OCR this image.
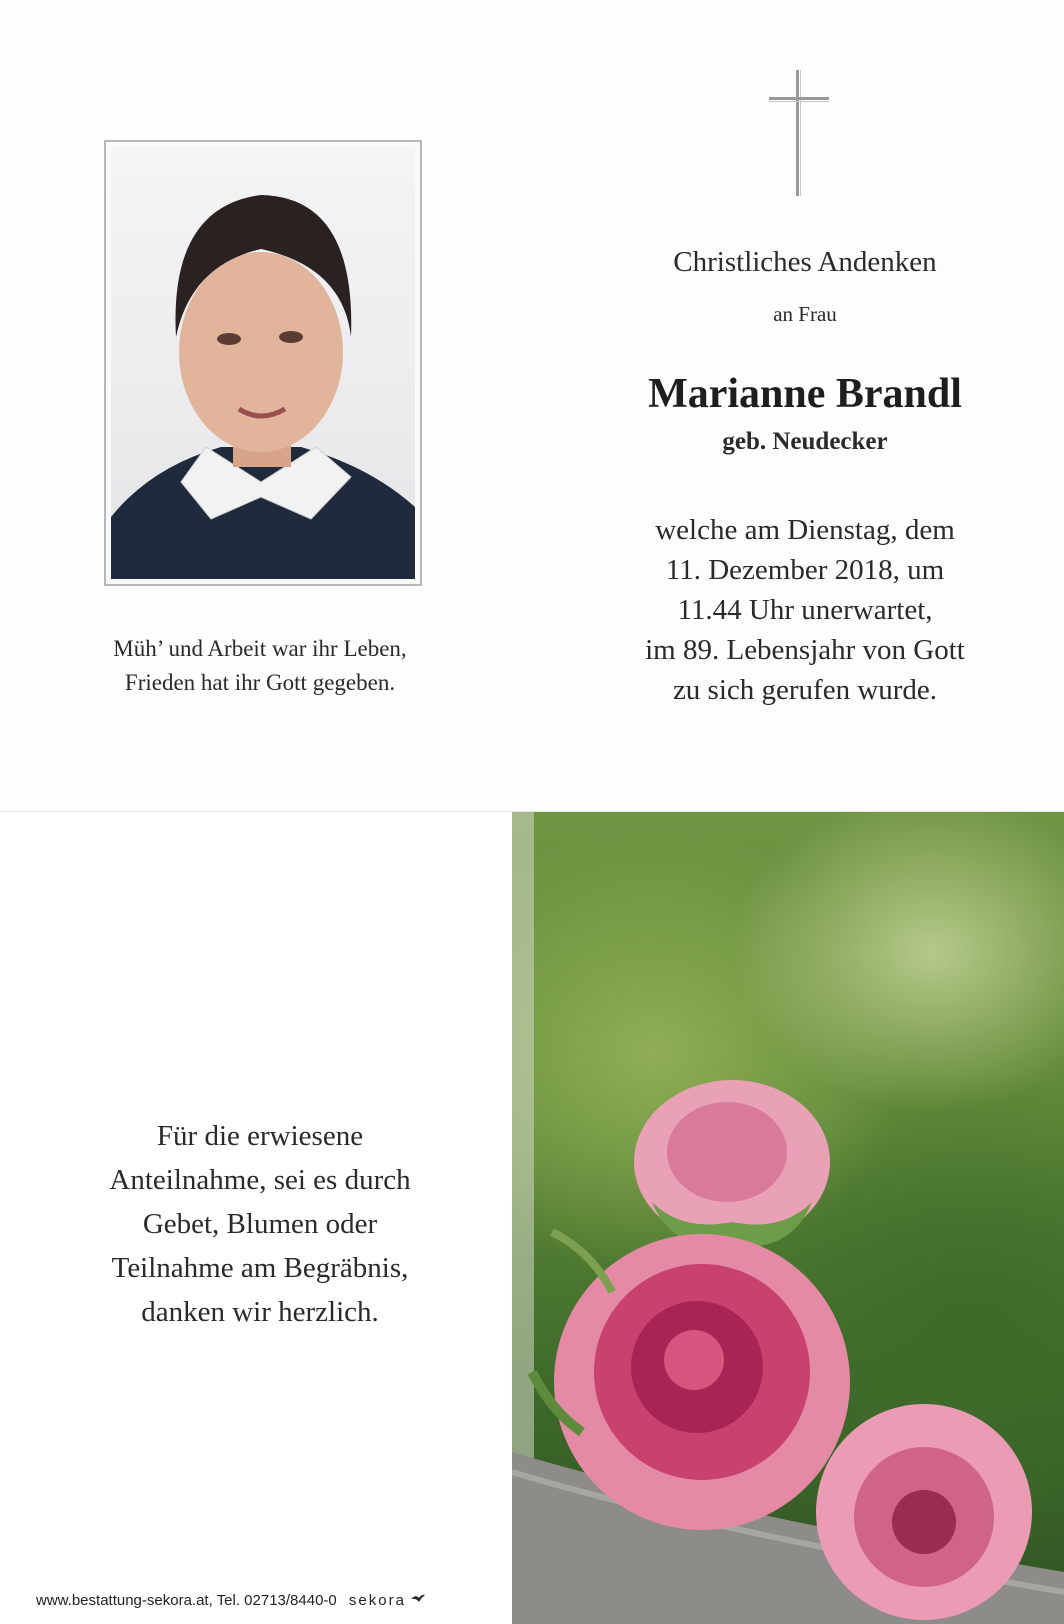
Müh’ und Arbeit war ihr Leben,
Frieden hat ihr Gott gegeben.
Christliches Andenken
an Frau
Marianne Brandl
geb. Neudecker
welche am Dienstag, dem
11. Dezember 2018, um
11.44 Uhr unerwartet,
im 89. Lebensjahr von Gott
zu sich gerufen wurde.
Für die erwiesene
Anteilnahme, sei es durch
Gebet, Blumen oder
Teilnahme am Begräbnis,
danken wir herzlich.
www.bestattung-sekora.at, Tel. 02713/8440-0 sekora
